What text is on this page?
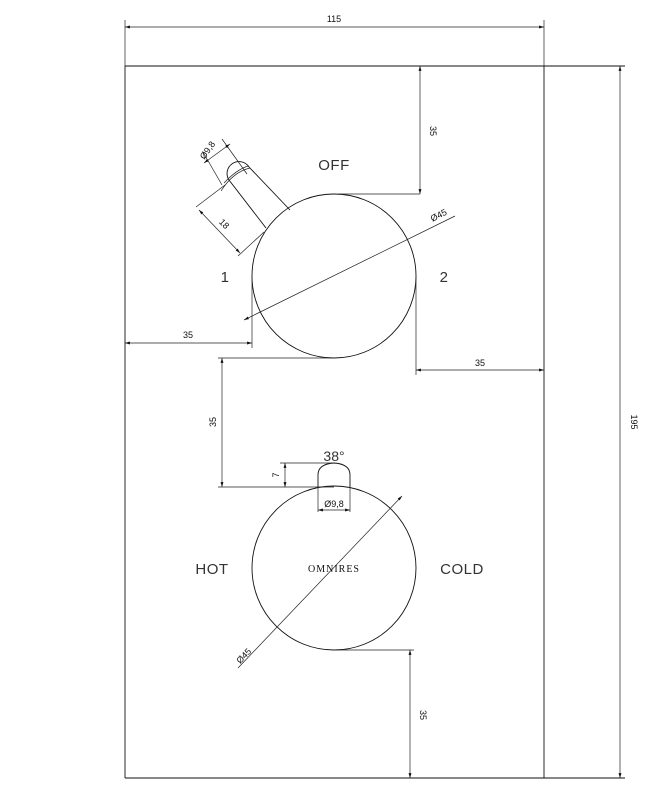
115
195
35
Ø45
Ø9,8
18
OFF
1	2
35
35
35
Ø9,8
7
38°
Ø45
HOT	COLD
OMNIRES
35
